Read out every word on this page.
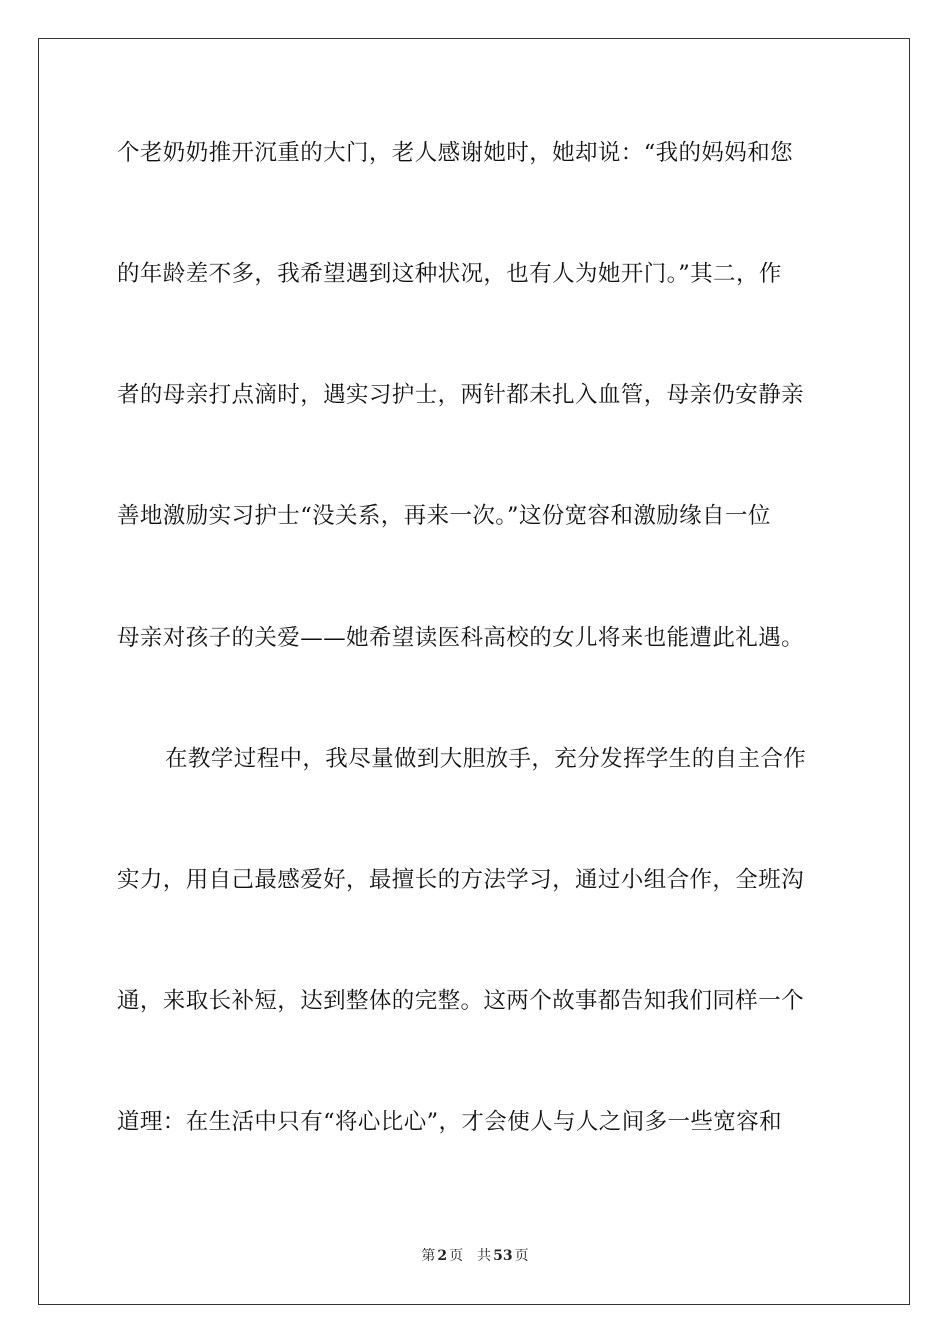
个老奶奶推开沉重的大门，老人感谢她时，她却说：“我的妈妈和您
的年龄差不多，我希望遇到这种状况，也有人为她开门。”其二，作
者的母亲打点滴时，遇实习护士，两针都未扎入血管，母亲仍安静亲
善地激励实习护士“没关系，再来一次。”这份宽容和激励缘自一位
母亲对孩子的关爱——她希望读医科高校的女儿将来也能遭此礼遇。
在教学过程中，我尽量做到大胆放手，充分发挥学生的自主合作
实力，用自己最感爱好，最擅长的方法学习，通过小组合作，全班沟
通，来取长补短，达到整体的完整。这两个故事都告知我们同样一个
道理：在生活中只有“将心比心”，才会使人与人之间多一些宽容和
第 2 页 共 53 页
